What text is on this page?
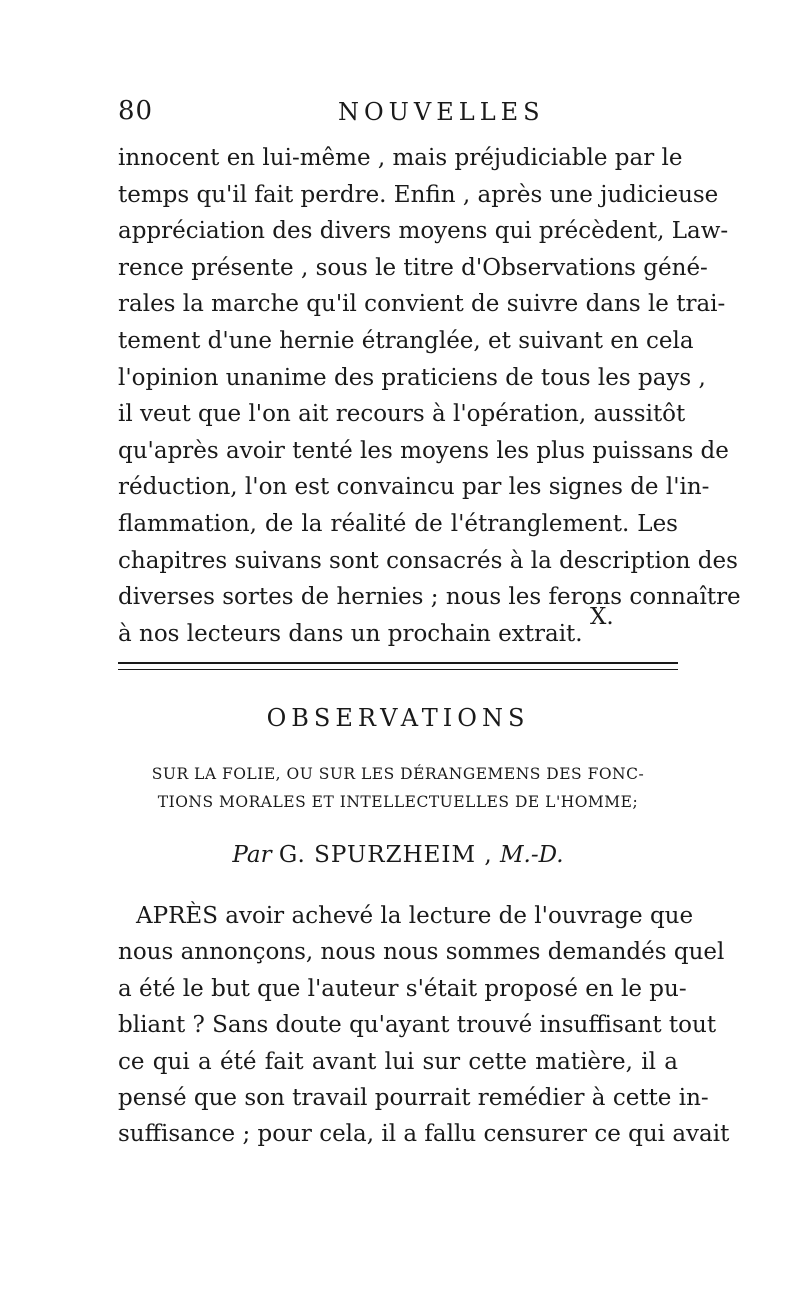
80	NOUVELLES
innocent en lui-même , mais préjudiciable par le
temps qu'il fait perdre. Enfin , après une judicieuse
appréciation des divers moyens qui précèdent, Law-
rence présente , sous le titre d'Observations géné-
rales la marche qu'il convient de suivre dans le trai-
tement d'une hernie étranglée, et suivant en cela
l'opinion unanime des praticiens de tous les pays ,
il veut que l'on ait recours à l'opération, aussitôt
qu'après avoir tenté les moyens les plus puissans de
réduction, l'on est convaincu par les signes de l'in-
flammation, de la réalité de l'étranglement. Les
chapitres suivans sont consacrés à la description des
diverses sortes de hernies ; nous les ferons connaître
à nos lecteurs dans un prochain extrait.
X.
OBSERVATIONS
SUR LA FOLIE, OU SUR LES DÉRANGEMENS DES FONC-
TIONS MORALES ET INTELLECTUELLES DE L'HOMME;
Par G. SPURZHEIM , M.-D.
APRÈS avoir achevé la lecture de l'ouvrage que
nous annonçons, nous nous sommes demandés quel
a été le but que l'auteur s'était proposé en le pu-
bliant ? Sans doute qu'ayant trouvé insuffisant tout
ce qui a été fait avant lui sur cette matière, il a
pensé que son travail pourrait remédier à cette in-
suffisance ; pour cela, il a fallu censurer ce qui avait
